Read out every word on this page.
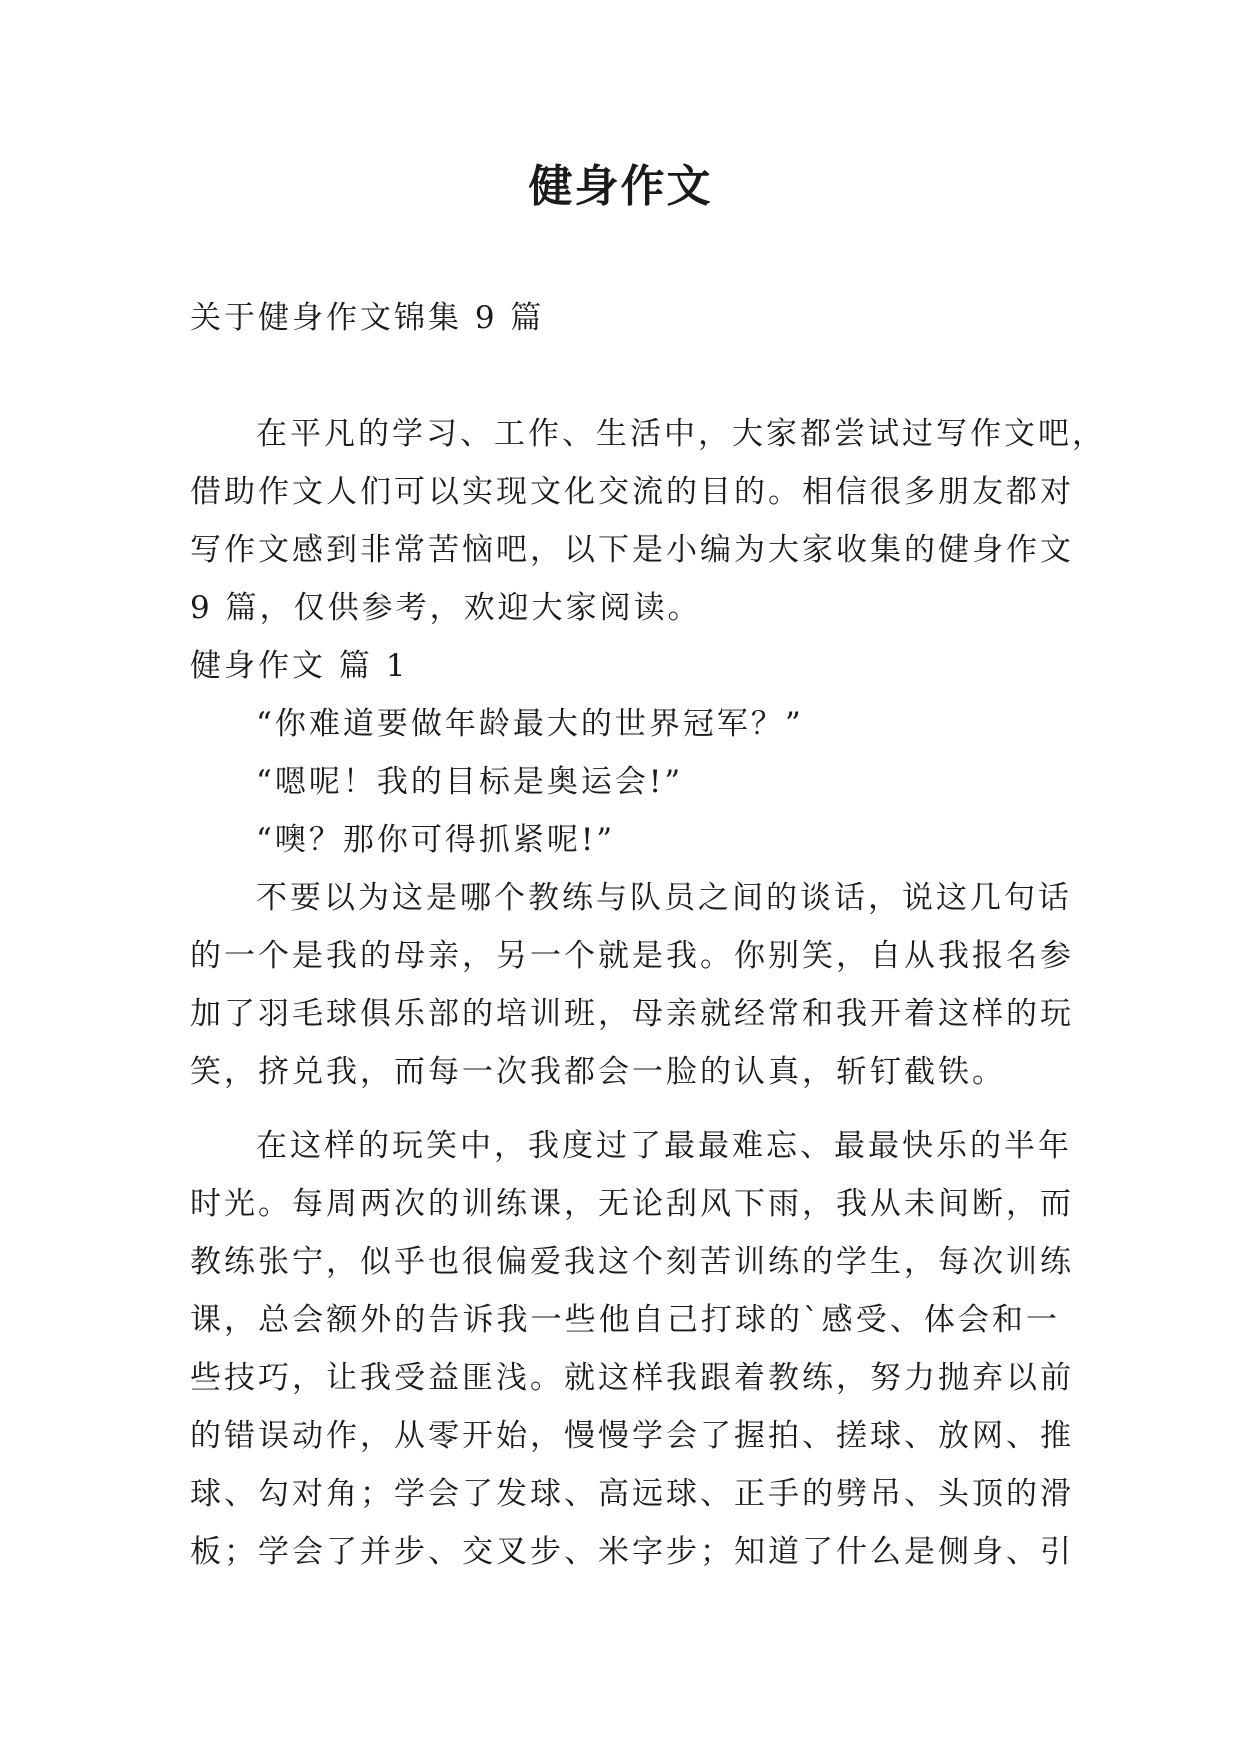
健身作文
关于健身作文锦集 9 篇
在平凡的学习、工作、生活中，大家都尝试过写作文吧，
借助作文人们可以实现文化交流的目的。相信很多朋友都对
写作文感到非常苦恼吧，以下是小编为大家收集的健身作文
9 篇，仅供参考，欢迎大家阅读。
健身作文 篇 1
“你难道要做年龄最大的世界冠军？”
“嗯呢！我的目标是奥运会!”
“噢？那你可得抓紧呢!”
不要以为这是哪个教练与队员之间的谈话，说这几句话
的一个是我的母亲，另一个就是我。你别笑，自从我报名参
加了羽毛球俱乐部的培训班，母亲就经常和我开着这样的玩
笑，挤兑我，而每一次我都会一脸的认真，斩钉截铁。
在这样的玩笑中，我度过了最最难忘、最最快乐的半年
时光。每周两次的训练课，无论刮风下雨，我从未间断，而
教练张宁，似乎也很偏爱我这个刻苦训练的学生，每次训练
课，总会额外的告诉我一些他自己打球的`感受、体会和一
些技巧，让我受益匪浅。就这样我跟着教练，努力抛弃以前
的错误动作，从零开始，慢慢学会了握拍、搓球、放网、推
球、勾对角；学会了发球、高远球、正手的劈吊、头顶的滑
板；学会了并步、交叉步、米字步；知道了什么是侧身、引
